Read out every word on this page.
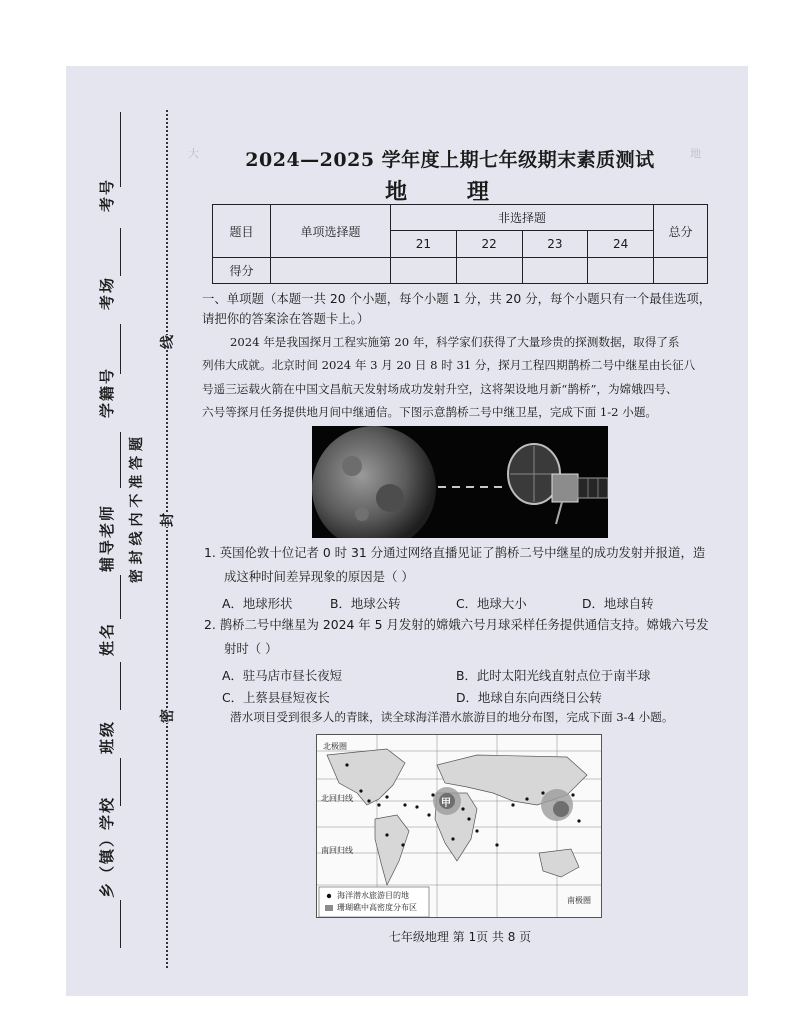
大	地
考号
考场
学籍号
辅导老师
姓名
班级
乡（镇）学校
密 封 线 内 不 准 答 题
线
封
密
2024—2025 学年度上期七年级期末素质测试
地 理
题目	单项选择题	非选择题				总分
		21	22	23	24	
得分						
一、单项题（本题一共 20 个小题，每个小题 1 分，共 20 分，每个小题只有一个最佳选项，
请把你的答案涂在答题卡上。）
2024 年是我国探月工程实施第 20 年，科学家们获得了大量珍贵的探测数据，取得了系
列伟大成就。北京时间 2024 年 3 月 20 日 8 时 31 分，探月工程四期鹊桥二号中继星由长征八
号遥三运载火箭在中国文昌航天发射场成功发射升空，这将架设地月新“鹊桥”，为嫦娥四号、
六号等探月任务提供地月间中继通信。下图示意鹊桥二号中继卫星，完成下面 1-2 小题。
1. 英国伦敦十位记者 0 时 31 分通过网络直播见证了鹊桥二号中继星的成功发射并报道，造
成这种时间差异现象的原因是（ ）
A．地球形状	B．地球公转	C．地球大小	D．地球自转
2. 鹊桥二号中继星为 2024 年 5 月发射的嫦娥六号月球采样任务提供通信支持。嫦娥六号发
射时（ ）
A．驻马店市昼长夜短	B．此时太阳光线直射点位于南半球
C．上蔡县昼短夜长	D．地球自东向西绕日公转
潜水项目受到很多人的青睐，读全球海洋潜水旅游目的地分布图，完成下面 3-4 小题。
北极圈
北回归线
南回归线
南极圈
甲
海洋潜水旅游目的地
珊瑚礁中高密度分布区
七年级地理 第 1页 共 8 页
